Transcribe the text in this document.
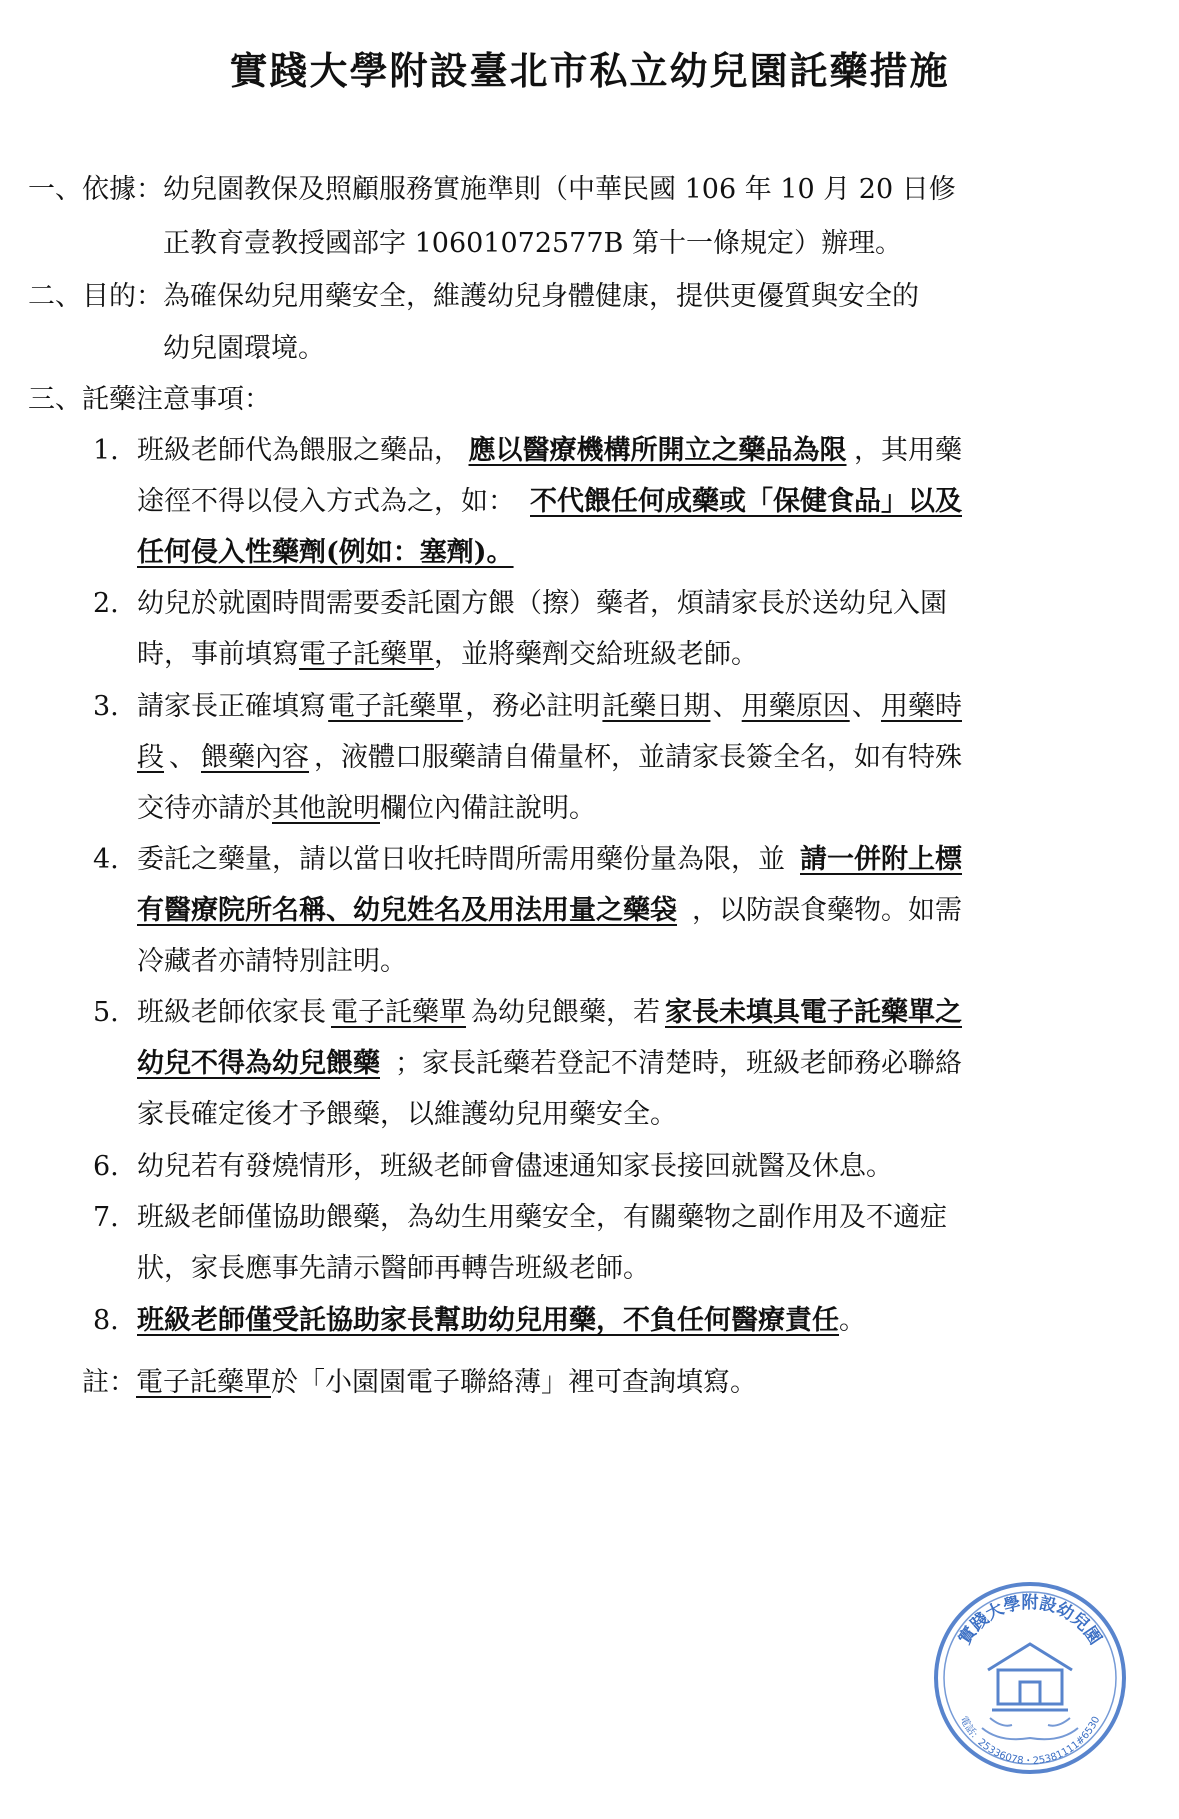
實踐大學附設臺北市私立幼兒園託藥措施
一、依據：幼兒園教保及照顧服務實施準則（中華民國 106 年 10 月 20 日修
正教育壹教授國部字 10601072577B 第十一條規定）辦理。
二、目的：為確保幼兒用藥安全，維護幼兒身體健康，提供更優質與安全的
幼兒園環境。
三、託藥注意事項：
1. 班級老師代為餵服之藥品， 應以醫療機構所開立之藥品為限 ，其用藥
途徑不得以侵入方式為之，如： 不代餵任何成藥或「保健食品」以及
任何侵入性藥劑(例如：塞劑)。
2. 幼兒於就園時間需要委託園方餵（擦）藥者，煩請家長於送幼兒入園
時，事前填寫電子託藥單，並將藥劑交給班級老師。
3. 請家長正確填寫 電子託藥單 ，務必註明 託藥日期 、 用藥原因 、 用藥時
段 、 餵藥內容 ，液體口服藥請自備量杯，並請家長簽全名，如有特殊
交待亦請於其他說明欄位內備註說明。
4. 委託之藥量，請以當日收托時間所需用藥份量為限，並 請一併附上標
有醫療院所名稱、幼兒姓名及用法用量之藥袋 ，以防誤食藥物。如需
冷藏者亦請特別註明。
5. 班級老師依家長 電子託藥單 為幼兒餵藥，若 家長未填具電子託藥單之
幼兒不得為幼兒餵藥 ；家長託藥若登記不清楚時，班級老師務必聯絡
家長確定後才予餵藥，以維護幼兒用藥安全。
6. 幼兒若有發燒情形，班級老師會儘速通知家長接回就醫及休息。
7. 班級老師僅協助餵藥，為幼生用藥安全，有關藥物之副作用及不適症
狀，家長應事先請示醫師再轉告班級老師。
8. 班級老師僅受託協助家長幫助幼兒用藥，不負任何醫療責任。
註：電子託藥單於「小園園電子聯絡薄」裡可查詢填寫。
實踐大學附設幼兒園
電話：25336078・25381111#6530
